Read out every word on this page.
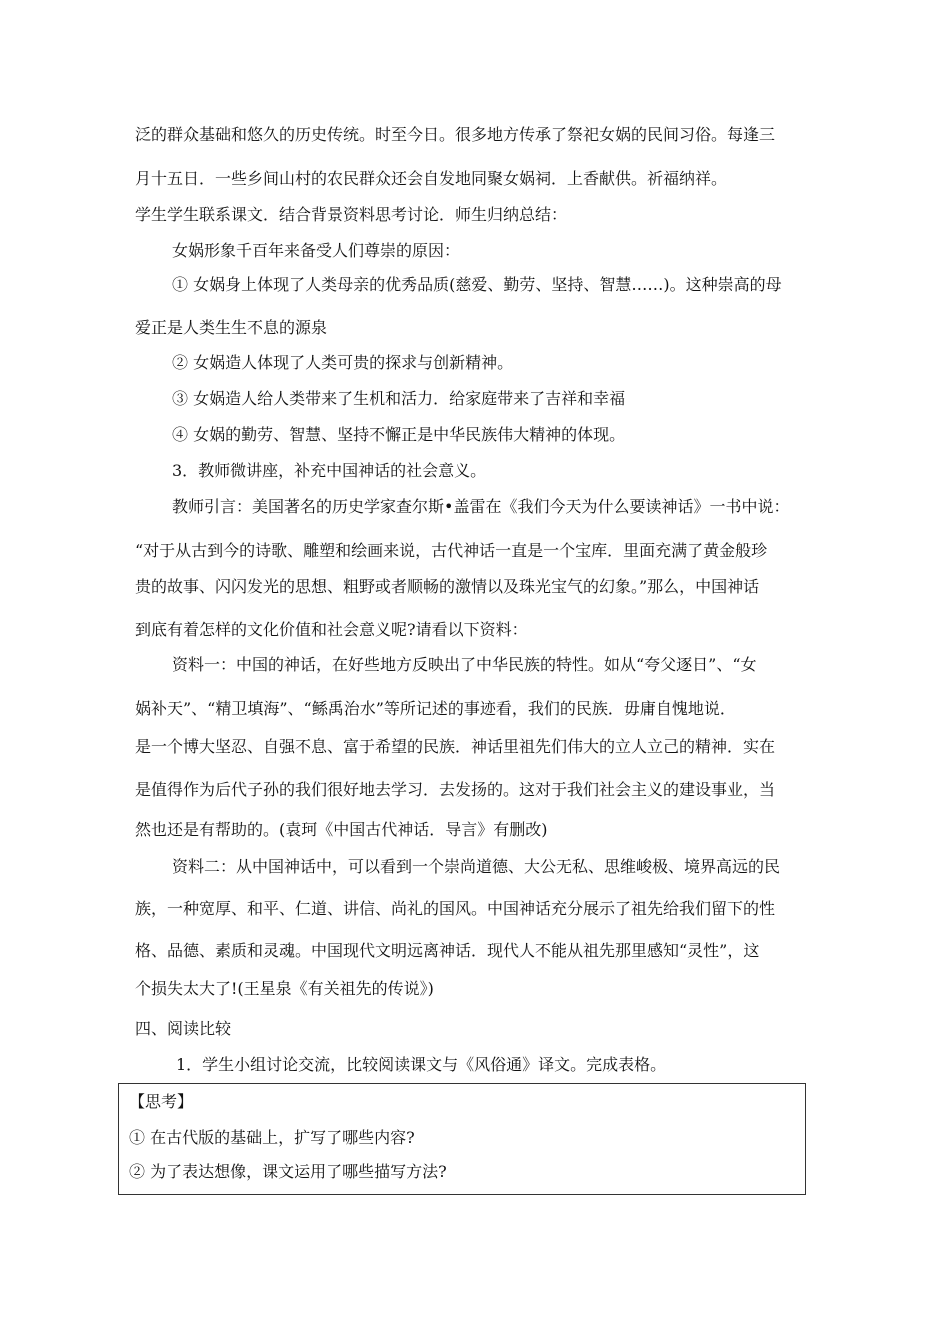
泛的群众基础和悠久的历史传统。时至今日。很多地方传承了祭祀女娲的民间习俗。每逢三
月十五日．一些乡间山村的农民群众还会自发地同聚女娲祠．上香献供。祈福纳祥。
学生学生联系课文．结合背景资料思考讨论．师生归纳总结：
女娲形象千百年来备受人们尊崇的原因：
① 女娲身上体现了人类母亲的优秀品质(慈爱、勤劳、坚持、智慧……)。这种崇高的母
爱正是人类生生不息的源泉
② 女娲造人体现了人类可贵的探求与创新精神。
③ 女娲造人给人类带来了生机和活力．给家庭带来了吉祥和幸福
④ 女娲的勤劳、智慧、坚持不懈正是中华民族伟大精神的体现。
3．教师微讲座，补充中国神话的社会意义。
教师引言：美国著名的历史学家查尔斯•盖雷在《我们今天为什么要读神话》一书中说：
“对于从古到今的诗歌、雕塑和绘画来说，古代神话一直是一个宝库．里面充满了黄金般珍
贵的故事、闪闪发光的思想、粗野或者顺畅的激情以及珠光宝气的幻象。”那么，中国神话
到底有着怎样的文化价值和社会意义呢?请看以下资料：
资料一：中国的神话，在好些地方反映出了中华民族的特性。如从“夸父逐日”、“女
娲补天”、“精卫填海”、“鲧禹治水”等所记述的事迹看，我们的民族．毋庸自愧地说．
是一个博大坚忍、自强不息、富于希望的民族．神话里祖先们伟大的立人立己的精神．实在
是值得作为后代子孙的我们很好地去学习．去发扬的。这对于我们社会主义的建设事业，当
然也还是有帮助的。(袁珂《中国古代神话．导言》有删改)
资料二：从中国神话中，可以看到一个崇尚道德、大公无私、思维峻极、境界高远的民
族，一种宽厚、和平、仁道、讲信、尚礼的国风。中国神话充分展示了祖先给我们留下的性
格、品德、素质和灵魂。中国现代文明远离神话．现代人不能从祖先那里感知“灵性”，这
个损失太大了!(王星泉《有关祖先的传说》)
四、阅读比较
1．学生小组讨论交流，比较阅读课文与《风俗通》译文。完成表格。
【思考】
① 在古代版的基础上，扩写了哪些内容?
② 为了表达想像，课文运用了哪些描写方法?
